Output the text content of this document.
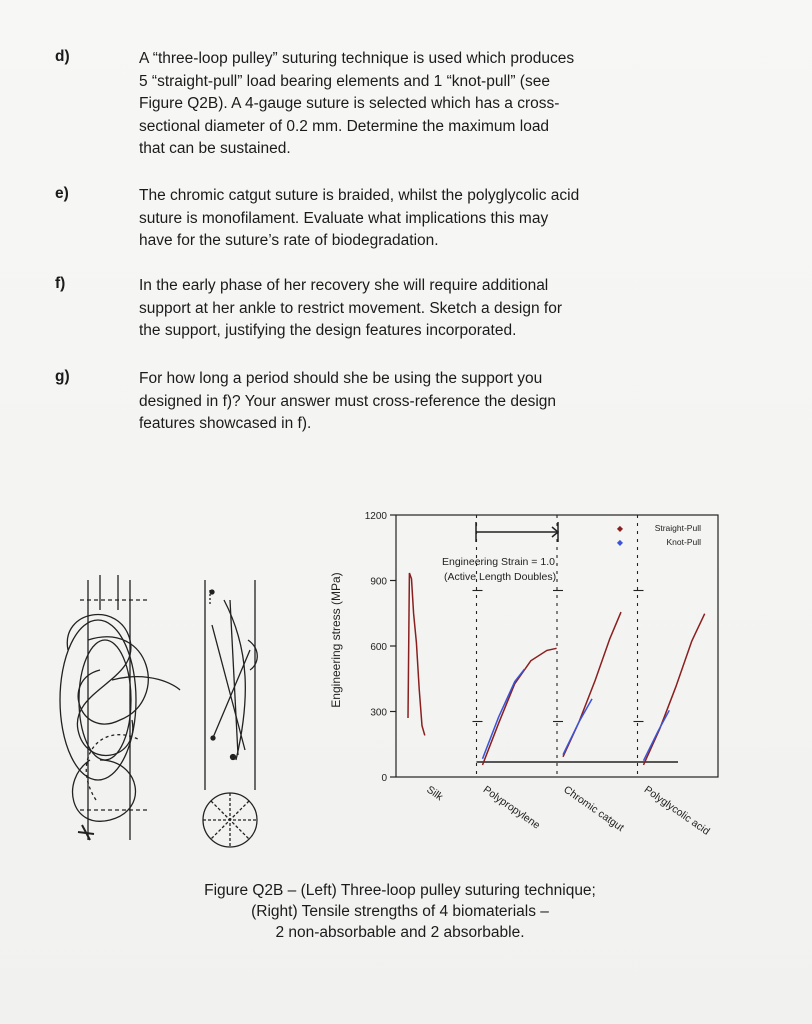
d)	A “three-loop pulley” suturing technique is used which produces

5 “straight-pull” load bearing elements and 1 “knot-pull” (see

Figure Q2B). A 4-gauge suture is selected which has a cross-

sectional diameter of 0.2 mm. Determine the maximum load

that can be sustained.

e)	The chromic catgut suture is braided, whilst the polyglycolic acid

suture is monofilament. Evaluate what implications this may

have for the suture’s rate of biodegradation.

f)	In the early phase of her recovery she will require additional

support at her ankle to restrict movement. Sketch a design for

the support, justifying the design features incorporated.

g)	For how long a period should she be using the support you

designed in f)? Your answer must cross-reference the design

features showcased in f).

Engineering stress (MPa)
0
300
600
900
1200
Silk	Polypropylene Chromic catgut Polyglycolic acid
Engineering Strain = 1.0
(Active Length Doubles)
◆	Straight-Pull
◆	Knot-Pull
Figure Q2B – (Left) Three-loop pulley suturing technique;
(Right) Tensile strengths of 4 biomaterials –
2 non-absorbable and 2 absorbable.
